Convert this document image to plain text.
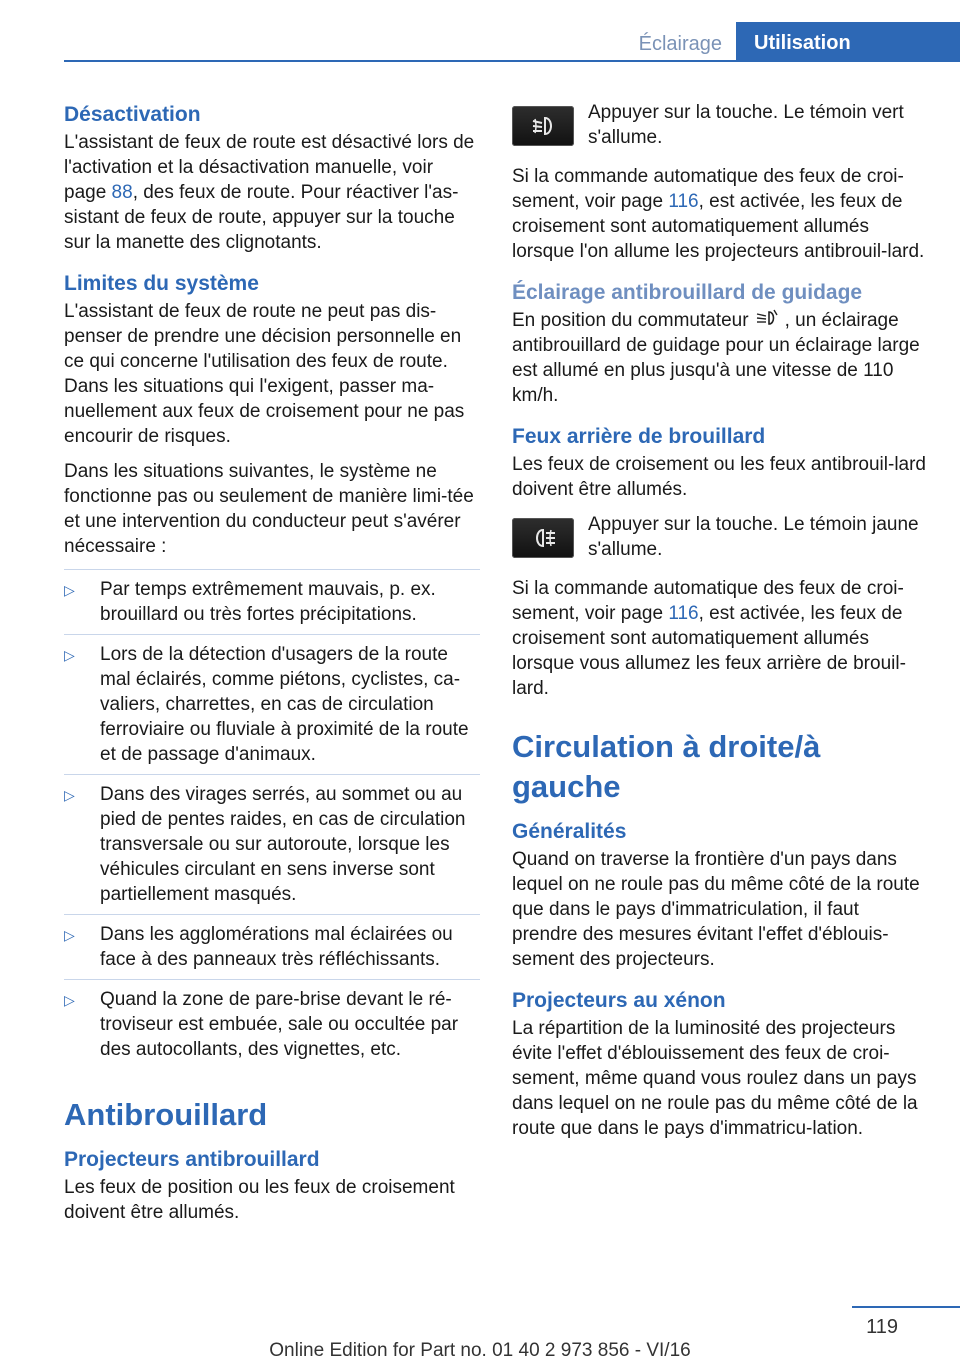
Éclairage	Utilisation
Désactivation

L'assistant de feux de route est désactivé lors de l'activation et la désactivation manuelle, voir page 88, des feux de route. Pour réactiver l'as-sistant de feux de route, appuyer sur la touche sur la manette des clignotants.

Limites du système

L'assistant de feux de route ne peut pas dis-penser de prendre une décision personnelle en ce qui concerne l'utilisation des feux de route. Dans les situations qui l'exigent, passer ma-nuellement aux feux de croisement pour ne pas encourir de risques.

Dans les situations suivantes, le système ne fonctionne pas ou seulement de manière limi-tée et une intervention du conducteur peut s'avérer nécessaire :

▷ Par temps extrêmement mauvais, p. ex. brouillard ou très fortes précipitations.
▷ Lors de la détection d'usagers de la route mal éclairés, comme piétons, cyclistes, ca-valiers, charrettes, en cas de circulation ferroviaire ou fluviale à proximité de la route et de passage d'animaux.
▷ Dans des virages serrés, au sommet ou au pied de pentes raides, en cas de circulation transversale ou sur autoroute, lorsque les véhicules circulant en sens inverse sont partiellement masqués.
▷ Dans les agglomérations mal éclairées ou face à des panneaux très réfléchissants.
▷ Quand la zone de pare-brise devant le ré-troviseur est embuée, sale ou occultée par des autocollants, des vignettes, etc.
Antibrouillard
Projecteurs antibrouillard

Les feux de position ou les feux de croisement doivent être allumés.

Appuyer sur la touche. Le témoin vert s'allume.

Si la commande automatique des feux de croi-sement, voir page 116, est activée, les feux de croisement sont automatiquement allumés lorsque l'on allume les projecteurs antibrouil-lard.

Éclairage antibrouillard de guidage

En position du commutateur , un éclairage antibrouillard de guidage pour un éclairage large est allumé en plus jusqu'à une vitesse de 110 km/h.

Feux arrière de brouillard

Les feux de croisement ou les feux antibrouil-lard doivent être allumés.

Appuyer sur la touche. Le témoin jaune s'allume.

Si la commande automatique des feux de croi-sement, voir page 116, est activée, les feux de croisement sont automatiquement allumés lorsque vous allumez les feux arrière de brouil-lard.

Circulation à droite/à gauche
Généralités

Quand on traverse la frontière d'un pays dans lequel on ne roule pas du même côté de la route que dans le pays d'immatriculation, il faut prendre des mesures évitant l'effet d'éblouis-sement des projecteurs.

Projecteurs au xénon

La répartition de la luminosité des projecteurs évite l'effet d'éblouissement des feux de croi-sement, même quand vous roulez dans un pays dans lequel on ne roule pas du même côté de la route que dans le pays d'immatricu-lation.

119
Online Edition for Part no. 01 40 2 973 856 - VI/16
